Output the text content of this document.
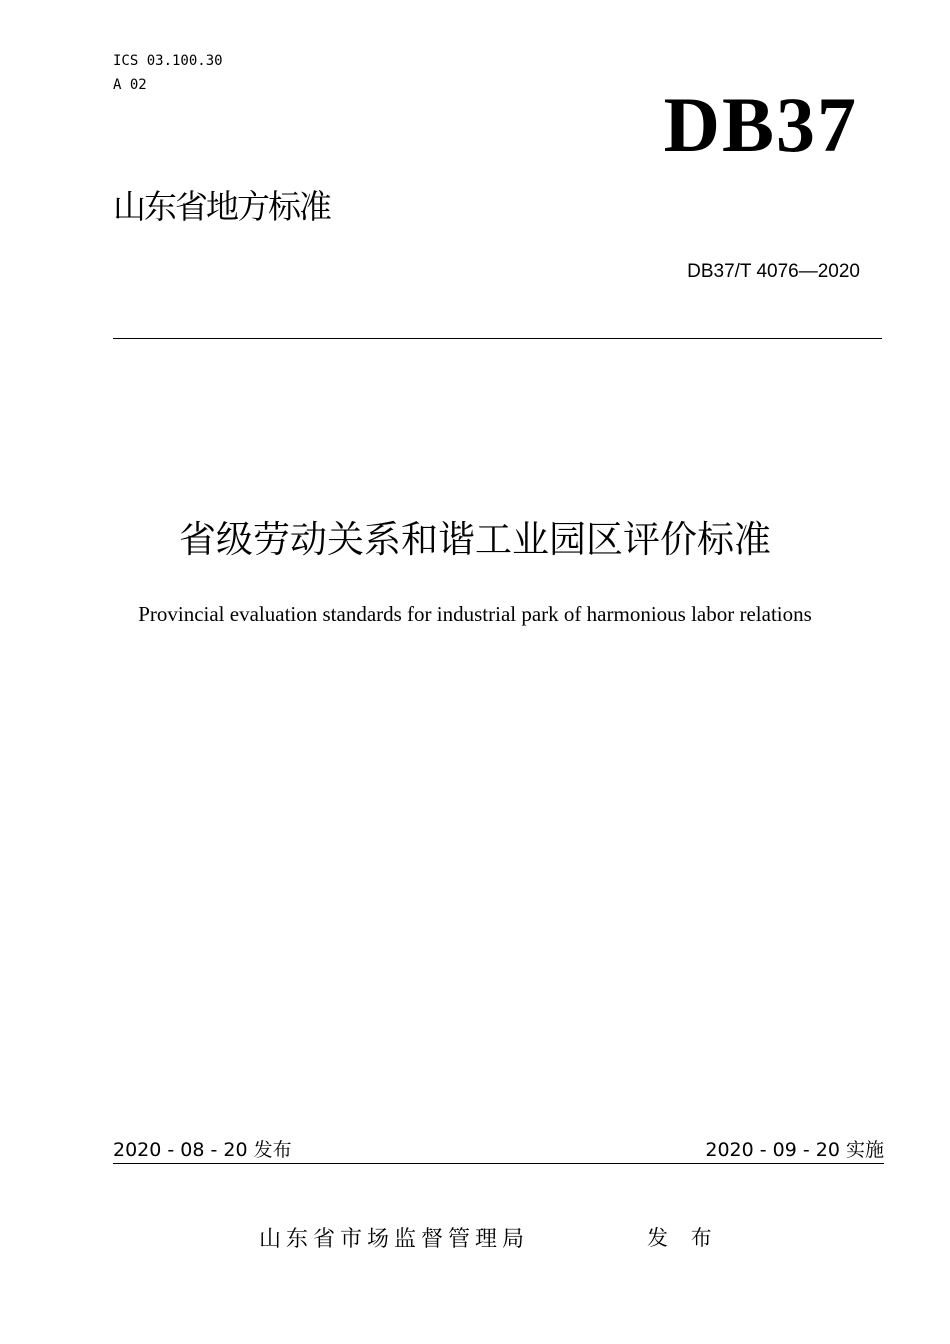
ICS 03.100.30
A 02	DB37
山东省地方标准
DB37/T 4076—2020
省级劳动关系和谐工业园区评价标准
Provincial evaluation standards for industrial park of harmonious labor relations
2020 - 08 - 20 发布	2020 - 09 - 20 实施
山东省市场监督管理局	发 布
